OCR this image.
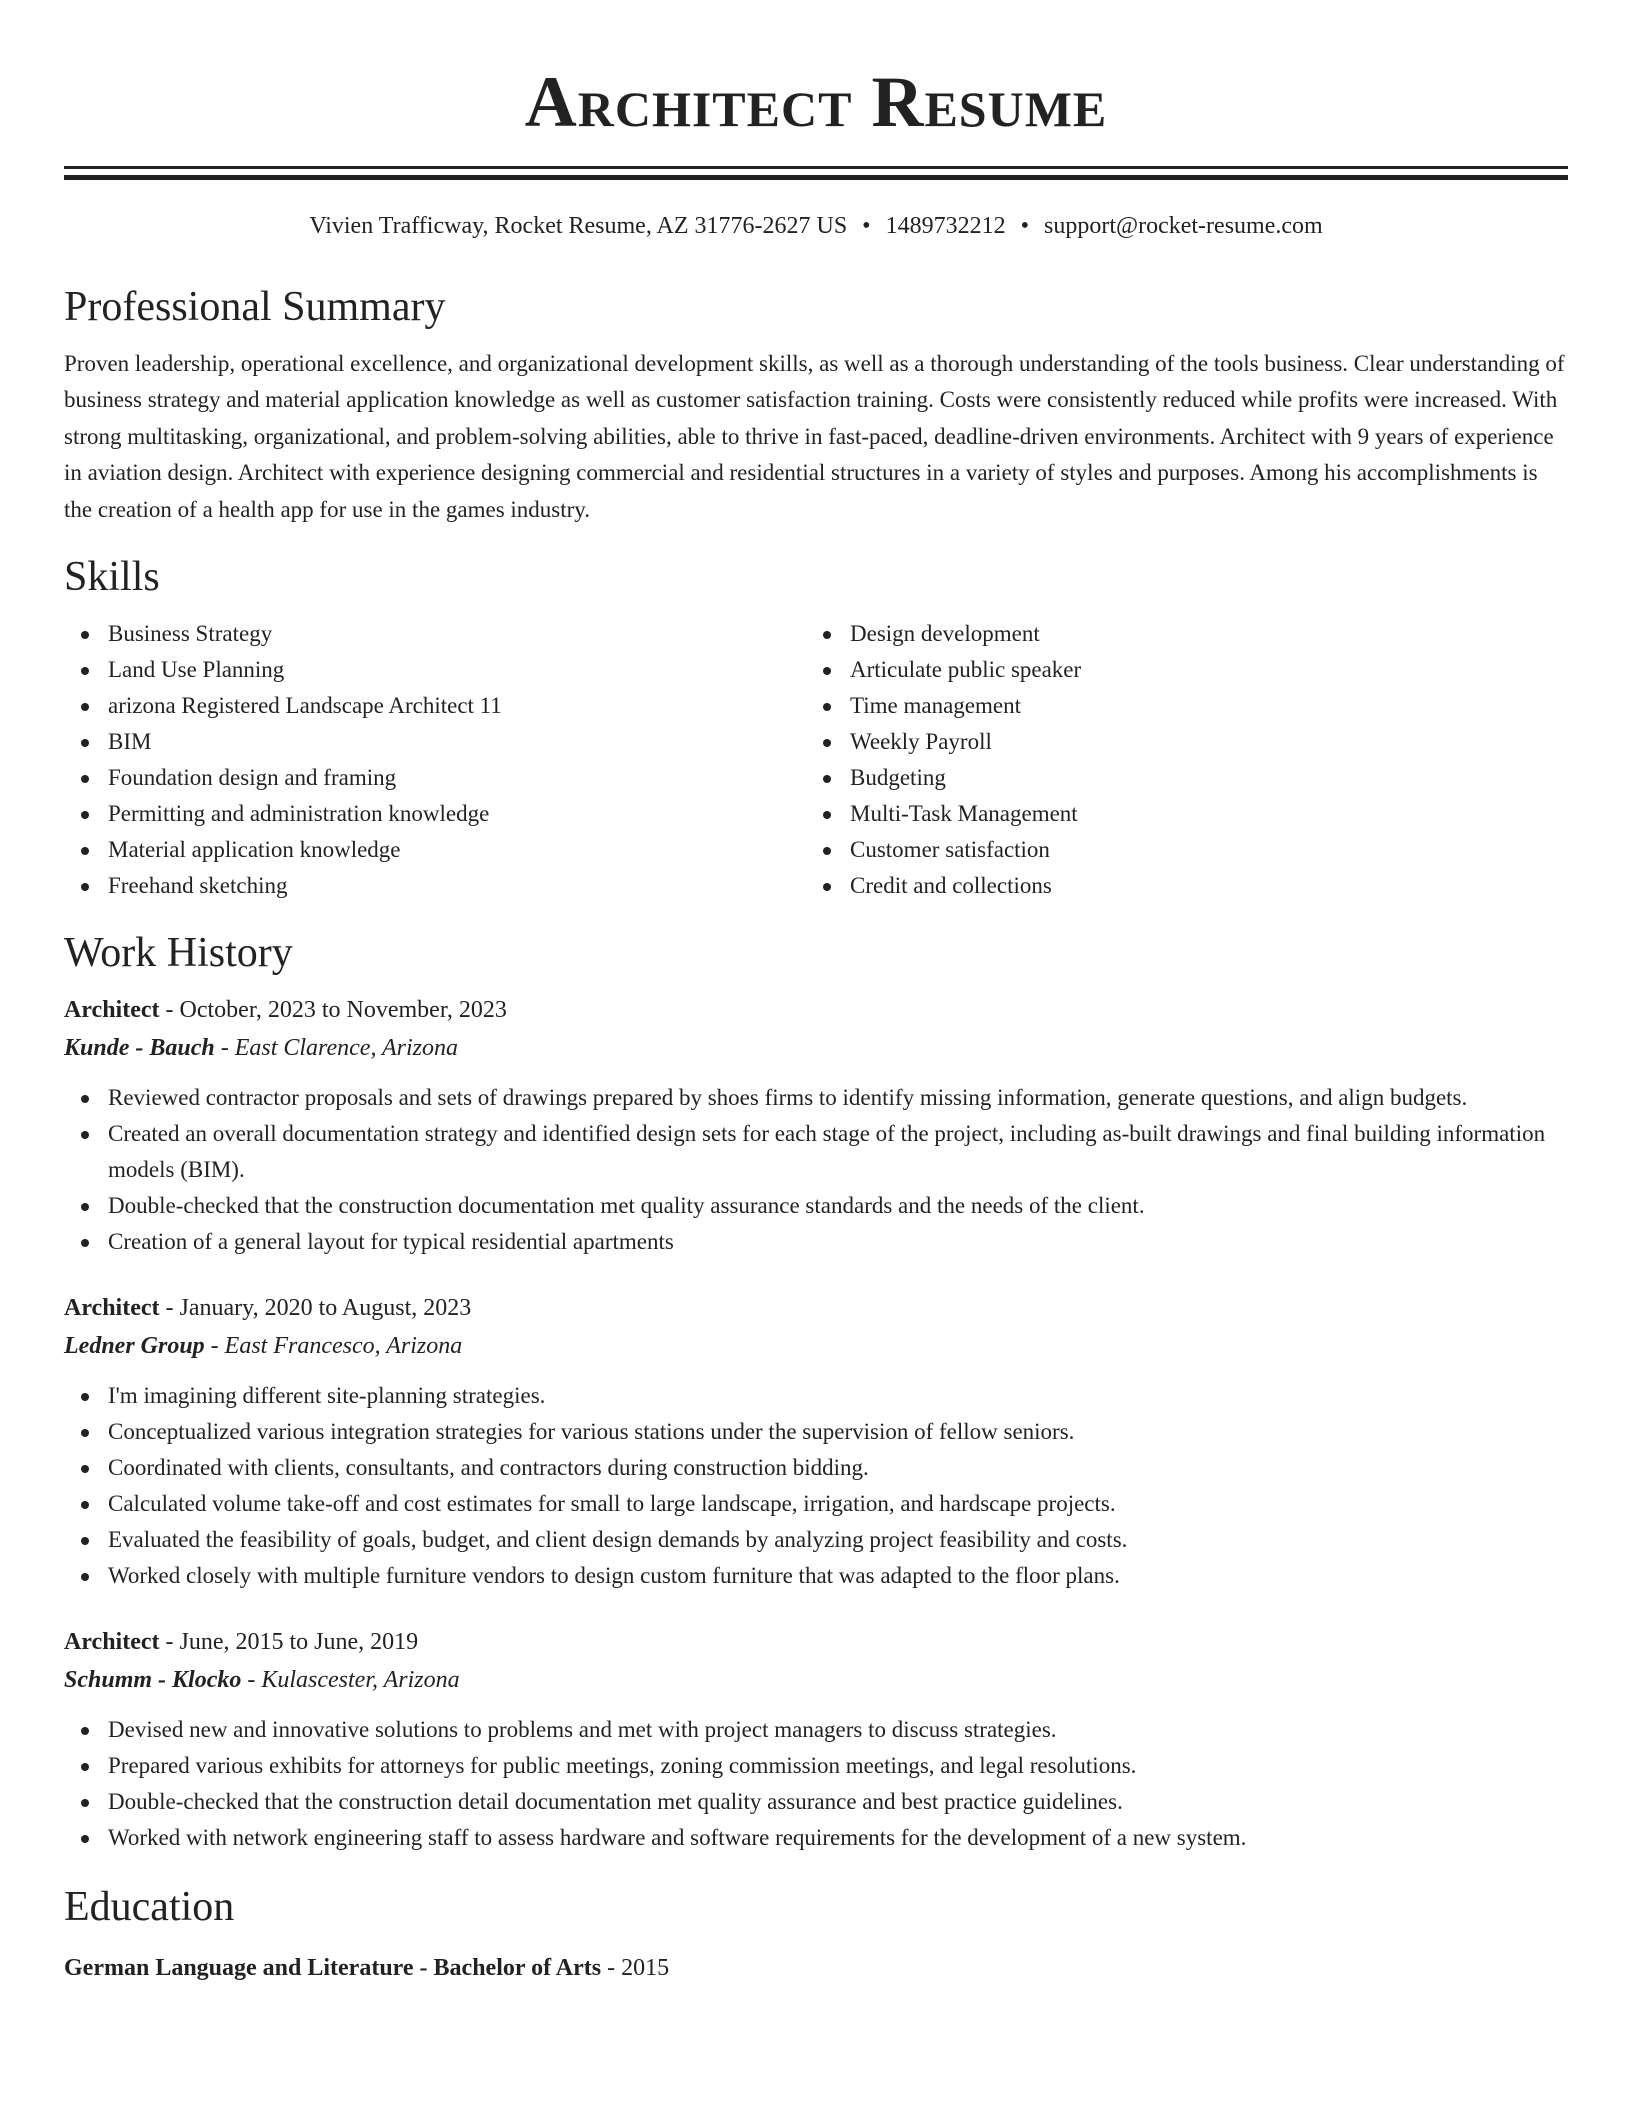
Architect Resume
Vivien Trafficway, Rocket Resume, AZ 31776-2627 US • 1489732212 • support@rocket-resume.com
Professional Summary

Proven leadership, operational excellence, and organizational development skills, as well as a thorough understanding of the tools business. Clear understanding of business strategy and material application knowledge as well as customer satisfaction training. Costs were consistently reduced while profits were increased. With strong multitasking, organizational, and problem-solving abilities, able to thrive in fast-paced, deadline-driven environments. Architect with 9 years of experience in aviation design. Architect with experience designing commercial and residential structures in a variety of styles and purposes. Among his accomplishments is the creation of a health app for use in the games industry.

Skills
Business Strategy
Land Use Planning
arizona Registered Landscape Architect 11
BIM
Foundation design and framing
Permitting and administration knowledge
Material application knowledge
Freehand sketching
Design development
Articulate public speaker
Time management
Weekly Payroll
Budgeting
Multi-Task Management
Customer satisfaction
Credit and collections
Work History
Architect - October, 2023 to November, 2023
Kunde - Bauch - East Clarence, Arizona
Reviewed contractor proposals and sets of drawings prepared by shoes firms to identify missing information, generate questions, and align budgets.
Created an overall documentation strategy and identified design sets for each stage of the project, including as-built drawings and final building information models (BIM).
Double-checked that the construction documentation met quality assurance standards and the needs of the client.
Creation of a general layout for typical residential apartments
Architect - January, 2020 to August, 2023
Ledner Group - East Francesco, Arizona
I'm imagining different site-planning strategies.
Conceptualized various integration strategies for various stations under the supervision of fellow seniors.
Coordinated with clients, consultants, and contractors during construction bidding.
Calculated volume take-off and cost estimates for small to large landscape, irrigation, and hardscape projects.
Evaluated the feasibility of goals, budget, and client design demands by analyzing project feasibility and costs.
Worked closely with multiple furniture vendors to design custom furniture that was adapted to the floor plans.
Architect - June, 2015 to June, 2019
Schumm - Klocko - Kulascester, Arizona
Devised new and innovative solutions to problems and met with project managers to discuss strategies.
Prepared various exhibits for attorneys for public meetings, zoning commission meetings, and legal resolutions.
Double-checked that the construction detail documentation met quality assurance and best practice guidelines.
Worked with network engineering staff to assess hardware and software requirements for the development of a new system.
Education
German Language and Literature - Bachelor of Arts - 2015
